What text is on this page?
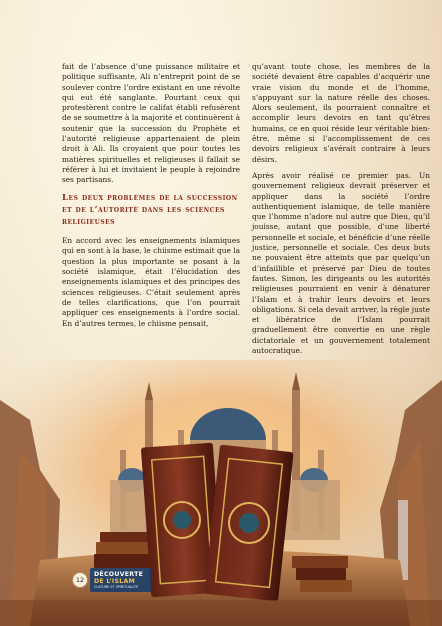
fait de l’absence d’une puissance militaire et politique suffisante, Ali n’entreprit point de se soulever contre l’ordre existant en une révolte qui eut été sanglante. Pourtant ceux qui protestèrent contre le califat établi refusèrent de se soumettre à la majorité et continuèrent à soutenir que la succession du Prophète et l’autorité religieuse appartenaient de plein droit à Ali. Ils croyaient que pour toutes les matières spirituelles et religieuses il fallait se référer à lui et invitaient le peuple à rejoindre ses partisans.

Les deux problèmes de la succession et de l’autorité dans les sciences religieuses

En accord avec les enseignements islamiques qui en sont à la base, le chiisme estimait que la question la plus importante se posant à la société islamique, était l’élucidation des enseignements islamiques et des principes des sciences religieuses. C’était seulement après de telles clarifications, que l’on pourrait appliquer ces enseignements à l’ordre social. En d’autres termes, le chiisme pensait,

qu’avant toute chose, les membres de la société devaient être capables d’acquérir une vraie vision du monde et de l’homme, s’appuyant sur la nature réelle des choses. Alors seulement, ils pourraient connaître et accomplir leurs devoirs en tant qu’êtres humains, ce en quoi réside leur véritable bien-être, même si l’accomplissement de ces devoirs religieux s’avérait contraire à leurs désirs.

Après avoir réalisé ce premier pas. Un gouvernement religieux devrait préserver et appliquer dans la société l’ordre authentiquement islamique, de telle manière que l’homme n’adore nul autre que Dieu, qu’il jouisse, autant que possible, d’une liberté personnelle et sociale, et bénéficie d’une réelle justice, personnelle et sociale. Ces deux buts ne pouvaient être atteints que par quelqu’un d’infaillible et préservé par Dieu de toutes fautes. Simon, les dirigeants ou les autorités religieuses pourraient en venir à dénaturer l’Islam et à trahir leurs devoirs et leurs obligations. Si cela devait arriver, la règle juste et libératrice de l’Islam pourrait graduellement être convertie en une règle dictatoriale et un gouvernement totalement autocratique.

12
DÉCOUVERTE
DE L’ISLAM
CULTURE ET SPIRITUALITÉ
